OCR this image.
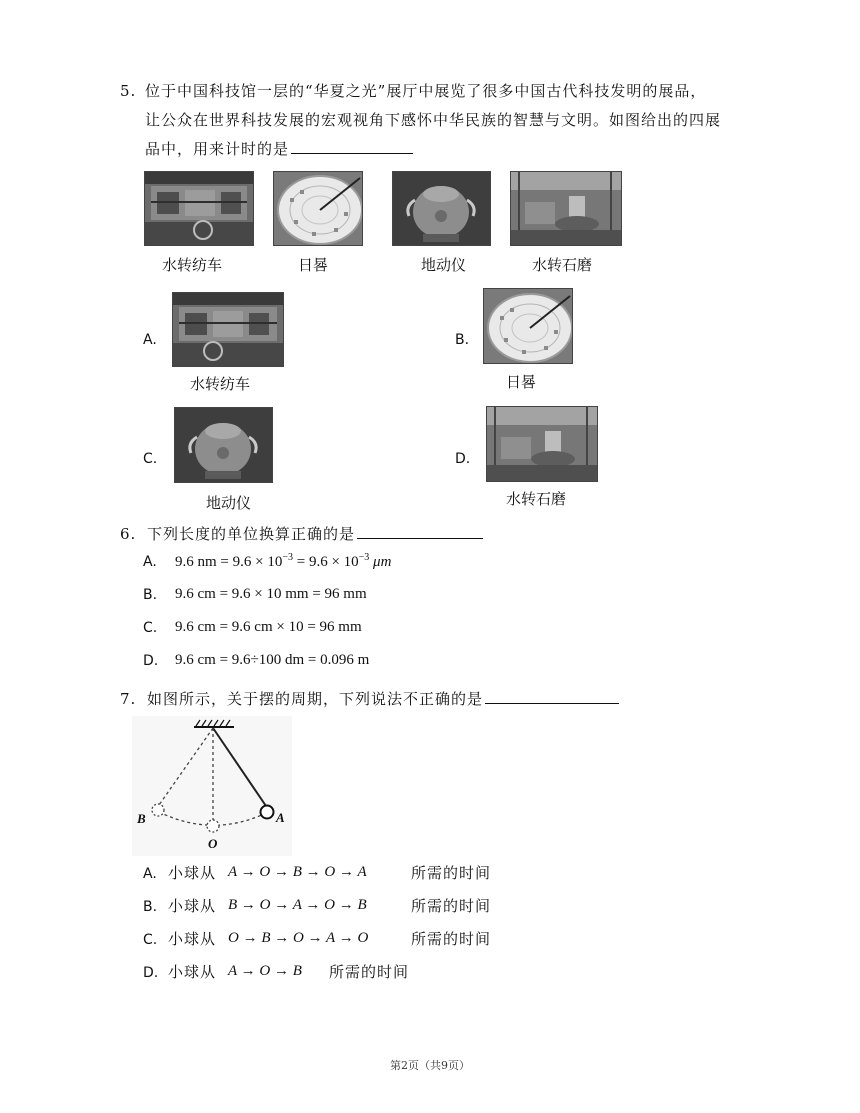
5. 位于中国科技馆一层的“华夏之光”展厅中展览了很多中国古代科技发明的展品，
让公众在世界科技发展的宏观视角下感怀中华民族的智慧与文明。如图给出的四展
品中，用来计时的是
水转纺车	日晷	地动仪	水转石磨
A.
水转纺车
B.
日晷
C.
地动仪
D.
水转石磨
6. 下列长度的单位换算正确的是
A. 9.6 nm = $9.6 \times 10^{-3} = 9.6 \times 10^{-3}$ μm
B. 9.6 cm = 9.6 × 10 mm = 96 mm
C. 9.6 cm = 9.6 cm × 10 = 96 mm
D. 9.6 cm = 9.6÷100 dm = 0.096 m
7. 如图所示，关于摆的周期，下列说法不正确的是
B
O
A
A. 小球从 A → O → B → O → A	所需的时间
B. 小球从 B → O → A → O → B	所需的时间
C. 小球从 O → B → O → A → O	所需的时间
D. 小球从 A → O → B 所需的时间
第2页（共9页）
